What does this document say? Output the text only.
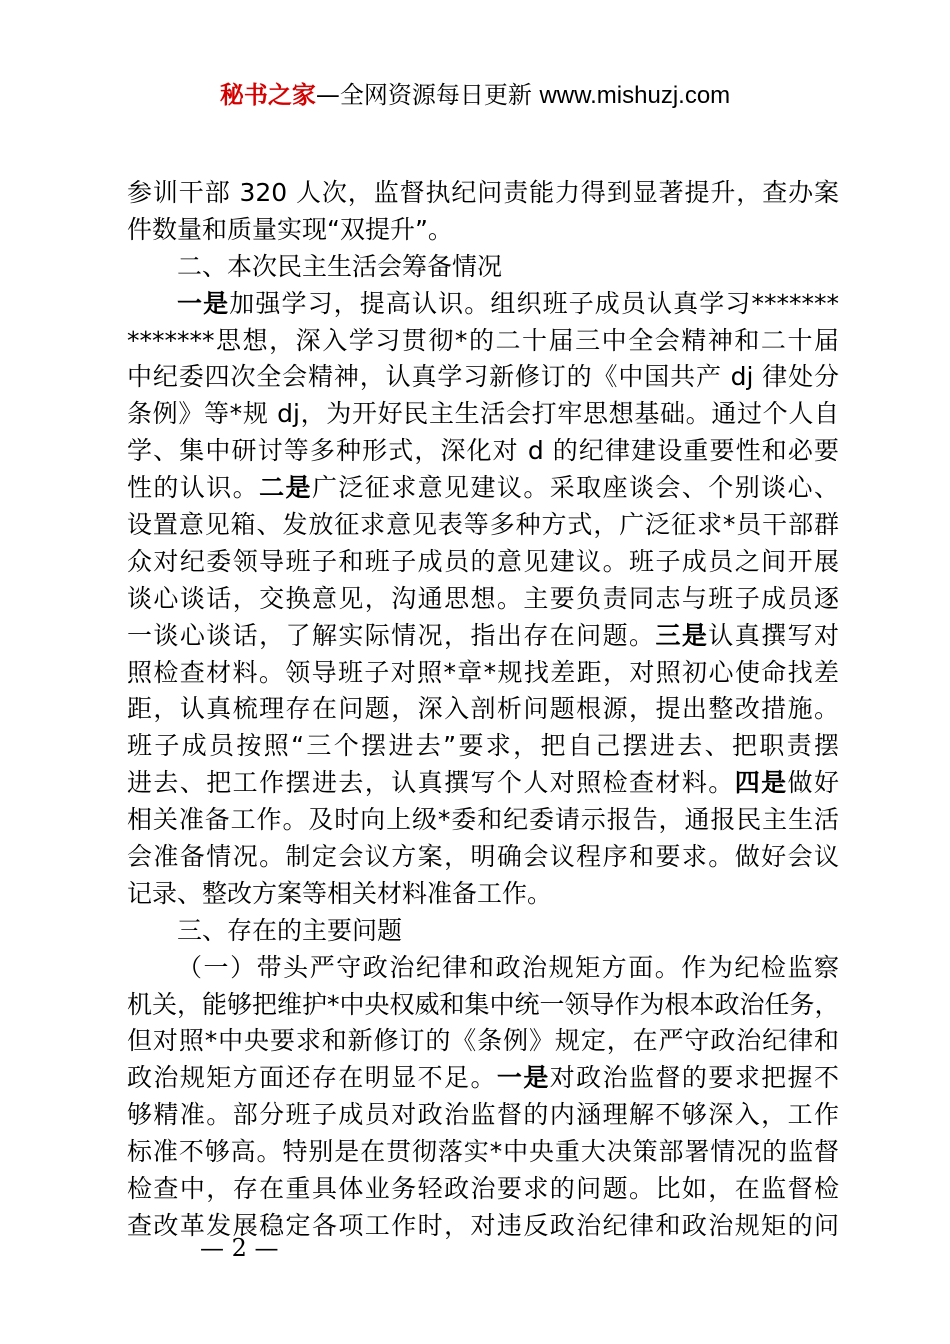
秘书之家—全网资源每日更新 www.mishuzj.com
参训干部 320 人次，监督执纪问责能力得到显著提升，查办案
件数量和质量实现“双提升”。
二、本次民主生活会筹备情况
一是加强学习，提高认识。组织班子成员认真学习*******
*******思想，深入学习贯彻*的二十届三中全会精神和二十届
中纪委四次全会精神，认真学习新修订的《中国共产 dj 律处分
条例》等*规 dj，为开好民主生活会打牢思想基础。通过个人自
学、集中研讨等多种形式，深化对 d 的纪律建设重要性和必要
性的认识。二是广泛征求意见建议。采取座谈会、个别谈心、
设置意见箱、发放征求意见表等多种方式，广泛征求*员干部群
众对纪委领导班子和班子成员的意见建议。班子成员之间开展
谈心谈话，交换意见，沟通思想。主要负责同志与班子成员逐
一谈心谈话，了解实际情况，指出存在问题。三是认真撰写对
照检查材料。领导班子对照*章*规找差距，对照初心使命找差
距，认真梳理存在问题，深入剖析问题根源，提出整改措施。
班子成员按照“三个摆进去”要求，把自己摆进去、把职责摆
进去、把工作摆进去，认真撰写个人对照检查材料。四是做好
相关准备工作。及时向上级*委和纪委请示报告，通报民主生活
会准备情况。制定会议方案，明确会议程序和要求。做好会议
记录、整改方案等相关材料准备工作。
三、存在的主要问题
（一）带头严守政治纪律和政治规矩方面。作为纪检监察
机关，能够把维护*中央权威和集中统一领导作为根本政治任务，
但对照*中央要求和新修订的《条例》规定，在严守政治纪律和
政治规矩方面还存在明显不足。一是对政治监督的要求把握不
够精准。部分班子成员对政治监督的内涵理解不够深入，工作
标准不够高。特别是在贯彻落实*中央重大决策部署情况的监督
检查中，存在重具体业务轻政治要求的问题。比如，在监督检
查改革发展稳定各项工作时，对违反政治纪律和政治规矩的问
— 2 —
